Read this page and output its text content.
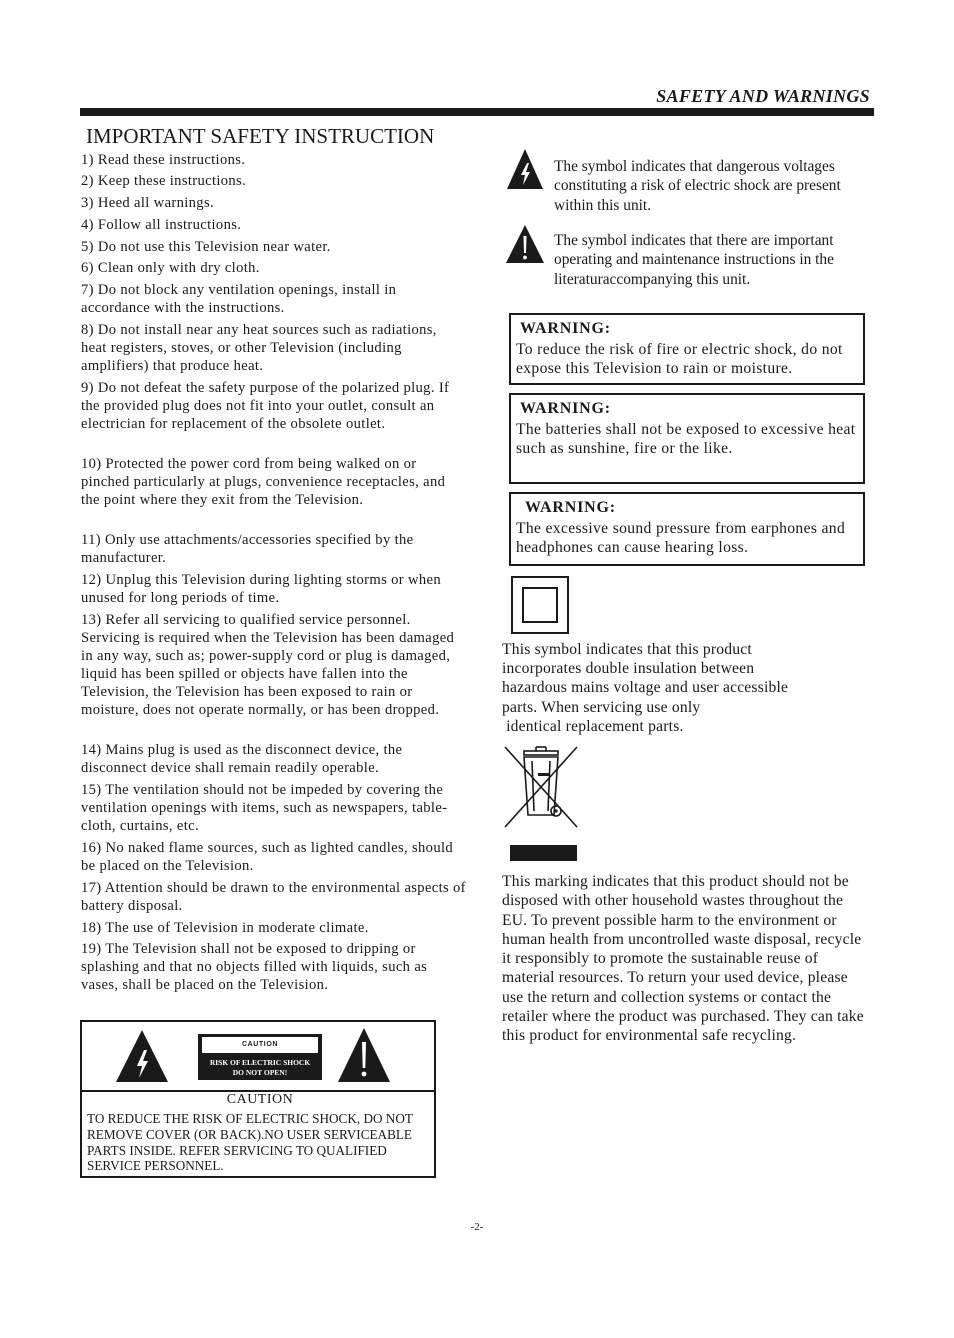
SAFETY AND WARNINGS
IMPORTANT SAFETY INSTRUCTION
1) Read these instructions.
2) Keep these instructions.
3) Heed all warnings.
4) Follow all instructions.
5) Do not use this Television near water.
6) Clean only with dry cloth.
7) Do not block any ventilation openings, install in accordance with the instructions.
8) Do not install near any heat sources such as radiations, heat registers, stoves, or other Television (including amplifiers) that produce heat.
9) Do not defeat the safety purpose of the polarized plug. If the provided plug does not fit into your outlet, consult an electrician for replacement of the obsolete outlet.
10) Protected the power cord from being walked on or pinched particularly at plugs, convenience receptacles, and the point where they exit from the Television.
11) Only use attachments/accessories specified by the manufacturer.
12) Unplug this Television during lighting storms or when unused for long periods of time.
13) Refer all servicing to qualified service personnel. Servicing is required when the Television has been damaged in any way, such as; power-supply cord or plug is damaged, liquid has been spilled or objects have fallen into the Television, the Television has been exposed to rain or moisture, does not operate normally, or has been dropped.
14) Mains plug is used as the disconnect device, the disconnect device shall remain readily operable.
15) The ventilation should not be impeded by covering the ventilation openings with items, such as newspapers, table-cloth, curtains, etc.
16) No naked flame sources, such as lighted candles, should be placed on the Television.
17) Attention should be drawn to the environmental aspects of battery disposal.
18) The use of Television in moderate climate.
19) The Television shall not be exposed to dripping or splashing and that no objects filled with liquids, such as vases, shall be placed on the Television.
CAUTION
RISK OF ELECTRIC SHOCK
DO NOT OPEN!
CAUTION
TO REDUCE THE RISK OF ELECTRIC SHOCK, DO NOT REMOVE COVER (OR BACK).NO USER SERVICEABLE PARTS INSIDE. REFER SERVICING TO QUALIFIED SERVICE PERSONNEL.
The symbol indicates that dangerous voltages constituting a risk of electric shock are present within this unit.
The symbol indicates that there are important operating and maintenance instructions in the literaturaccompanying this unit.
WARNING:
To reduce the risk of fire or electric shock, do not expose this Television to rain or moisture.
WARNING:
The batteries shall not be exposed to excessive heat such as sunshine, fire or the like.
WARNING:
The excessive sound pressure from earphones and headphones can cause hearing loss.
This symbol indicates that this product
incorporates double insulation between
hazardous mains voltage and user accessible
parts. When servicing use only
identical replacement parts.
This marking indicates that this product should not be disposed with other household wastes throughout the EU. To prevent possible harm to the environment or human health from uncontrolled waste disposal, recycle it responsibly to promote the sustainable reuse of material resources. To return your used device, please use the return and collection systems or contact the retailer where the product was purchased. They can take this product for environmental safe recycling.
-2-
